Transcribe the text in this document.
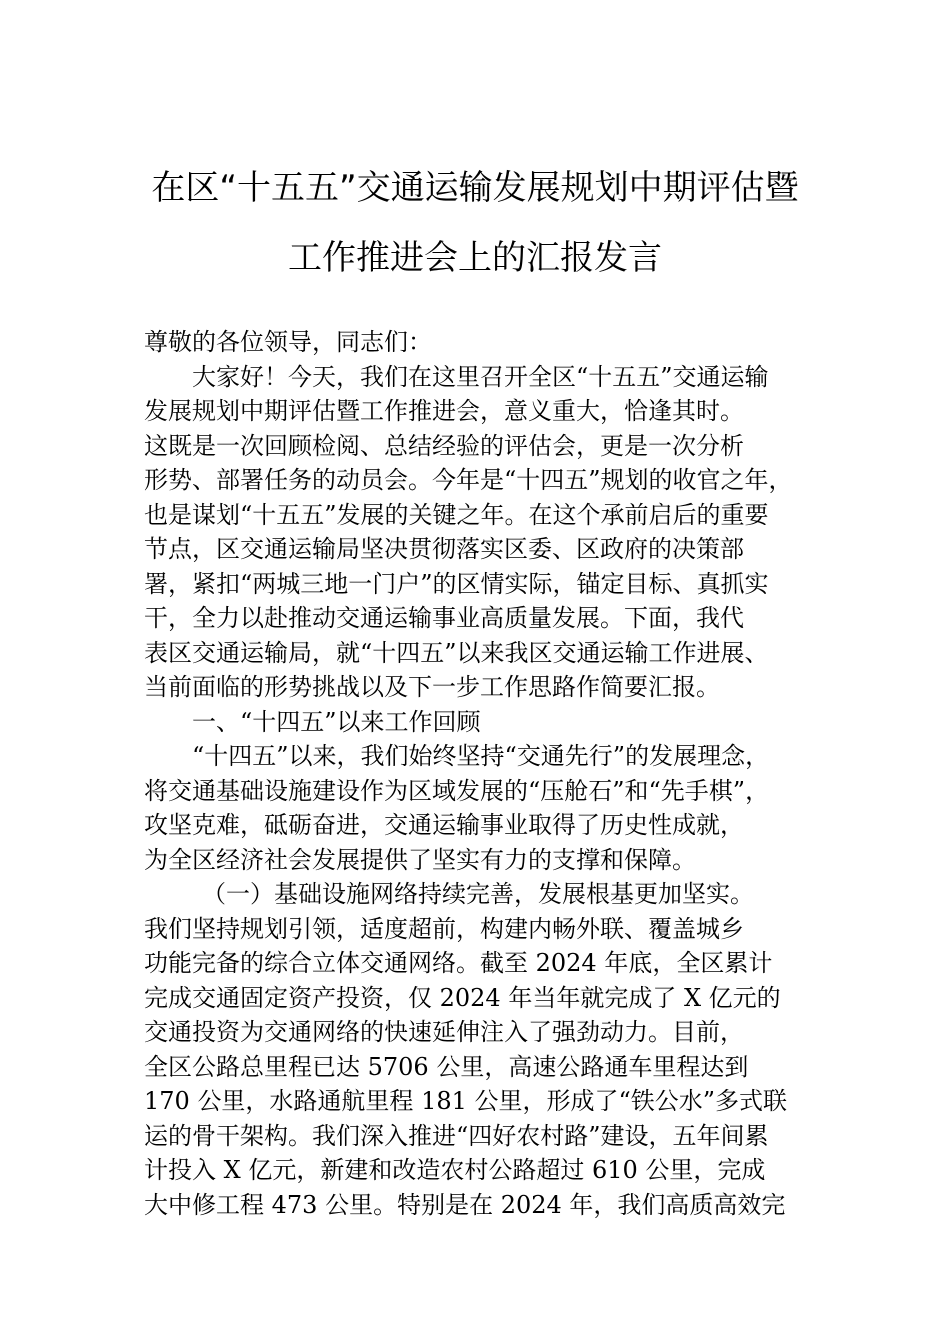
在区“十五五”交通运输发展规划中期评估暨
工作推进会上的汇报发言
尊敬的各位领导，同志们：
大家好！今天，我们在这里召开全区“十五五”交通运输
发展规划中期评估暨工作推进会，意义重大，恰逢其时。
这既是一次回顾检阅、总结经验的评估会，更是一次分析
形势、部署任务的动员会。今年是“十四五”规划的收官之年，
也是谋划“十五五”发展的关键之年。在这个承前启后的重要
节点，区交通运输局坚决贯彻落实区委、区政府的决策部
署，紧扣“两城三地一门户”的区情实际，锚定目标、真抓实
干，全力以赴推动交通运输事业高质量发展。下面，我代
表区交通运输局，就“十四五”以来我区交通运输工作进展、
当前面临的形势挑战以及下一步工作思路作简要汇报。
一、“十四五”以来工作回顾
“十四五”以来，我们始终坚持“交通先行”的发展理念，
将交通基础设施建设作为区域发展的“压舱石”和“先手棋”，
攻坚克难，砥砺奋进，交通运输事业取得了历史性成就，
为全区经济社会发展提供了坚实有力的支撑和保障。
（一）基础设施网络持续完善，发展根基更加坚实。
我们坚持规划引领，适度超前，构建内畅外联、覆盖城乡
功能完备的综合立体交通网络。截至 2024 年底，全区累计
完成交通固定资产投资，仅 2024 年当年就完成了 X 亿元的
交通投资为交通网络的快速延伸注入了强劲动力。目前，
全区公路总里程已达 5706 公里，高速公路通车里程达到
170 公里，水路通航里程 181 公里，形成了“铁公水”多式联
运的骨干架构。我们深入推进“四好农村路”建设，五年间累
计投入 X 亿元，新建和改造农村公路超过 610 公里，完成
大中修工程 473 公里。特别是在 2024 年，我们高质高效完
